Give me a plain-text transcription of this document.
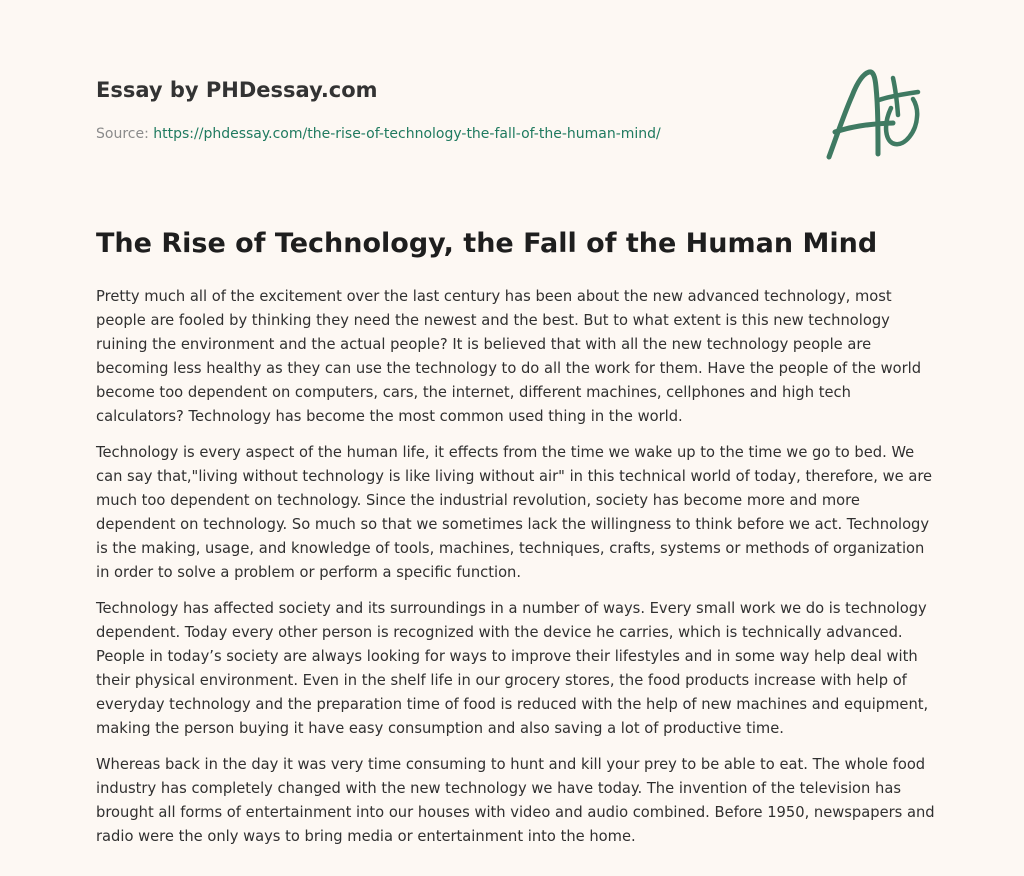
Essay by PHDessay.com

Source: https://phdessay.com/the-rise-of-technology-the-fall-of-the-human-mind/
The Rise of Technology, the Fall of the Human Mind

Pretty much all of the excitement over the last century has been about the new advanced technology, most people are fooled by thinking they need the newest and the best. But to what extent is this new technology ruining the environment and the actual people? It is believed that with all the new technology people are becoming less healthy as they can use the technology to do all the work for them. Have the people of the world become too dependent on computers, cars, the internet, different machines, cellphones and high tech calculators? Technology has become the most common used thing in the world.

Technology is every aspect of the human life, it effects from the time we wake up to the time we go to bed. We can say that,"living without technology is like living without air" in this technical world of today, therefore, we are much too dependent on technology. Since the industrial revolution, society has become more and more dependent on technology. So much so that we sometimes lack the willingness to think before we act. Technology is the making, usage, and knowledge of tools, machines, techniques, crafts, systems or methods of organization in order to solve a problem or perform a specific function.

Technology has affected society and its surroundings in a number of ways. Every small work we do is technology dependent. Today every other person is recognized with the device he carries, which is technically advanced. People in today’s society are always looking for ways to improve their lifestyles and in some way help deal with their physical environment. Even in the shelf life in our grocery stores, the food products increase with help of everyday technology and the preparation time of food is reduced with the help of new machines and equipment, making the person buying it have easy consumption and also saving a lot of productive time.

Whereas back in the day it was very time consuming to hunt and kill your prey to be able to eat. The whole food industry has completely changed with the new technology we have today. The invention of the television has brought all forms of entertainment into our houses with video and audio combined. Before 1950, newspapers and radio were the only ways to bring media or entertainment into the home.
